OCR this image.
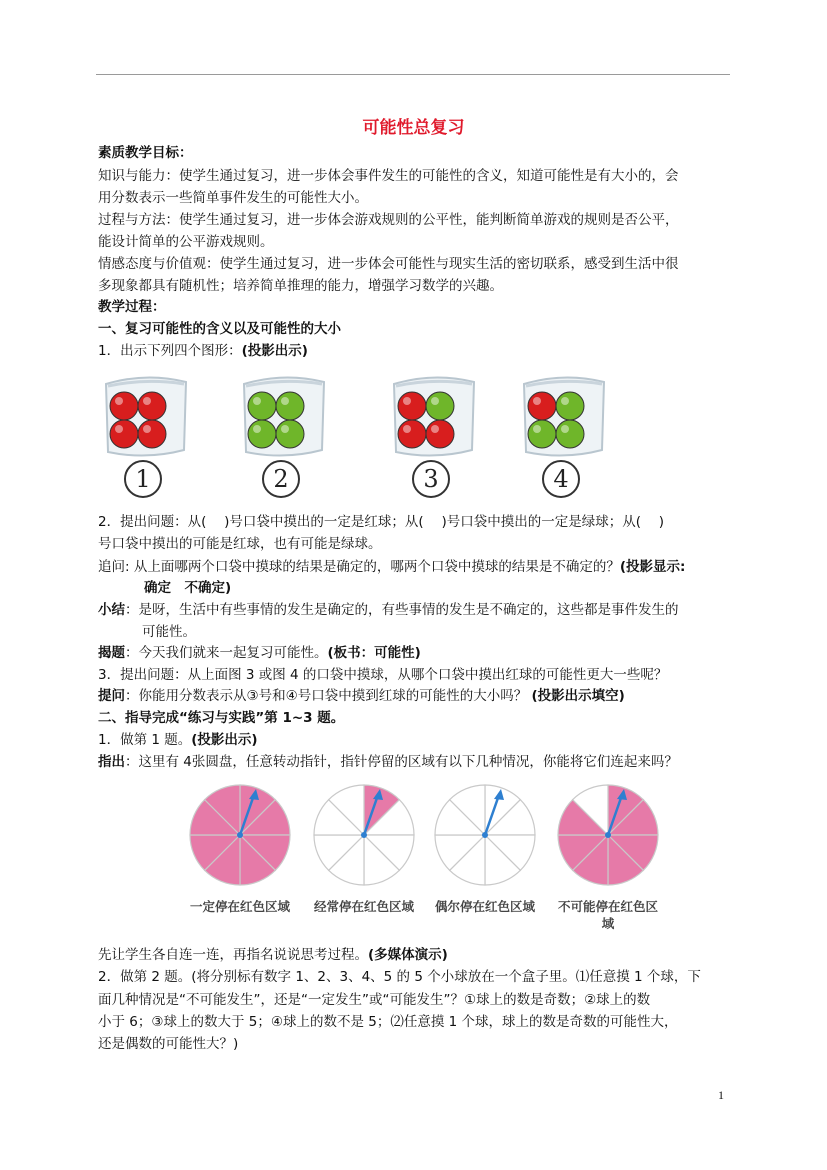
可能性总复习
素质教学目标：
知识与能力：使学生通过复习，进一步体会事件发生的可能性的含义，知道可能性是有大小的，会
用分数表示一些简单事件发生的可能性大小。
过程与方法：使学生通过复习，进一步体会游戏规则的公平性，能判断简单游戏的规则是否公平，
能设计简单的公平游戏规则。
情感态度与价值观：使学生通过复习，进一步体会可能性与现实生活的密切联系，感受到生活中很
多现象都具有随机性；培养简单推理的能力，增强学习数学的兴趣。
教学过程：
一、复习可能性的含义以及可能性的大小
1．出示下列四个图形：(投影出示)
1	2	3	4
2．提出问题：从(　 )号口袋中摸出的一定是红球；从(　 )号口袋中摸出的一定是绿球；从(　 )
号口袋中摸出的可能是红球，也有可能是绿球。
追问: 从上面哪两个口袋中摸球的结果是确定的，哪两个口袋中摸球的结果是不确定的？(投影显示:
确定　不确定)
小结：是呀，生活中有些事情的发生是确定的，有些事情的发生是不确定的，这些都是事件发生的
可能性。
揭题：今天我们就来一起复习可能性。(板书：可能性)
3．提出问题：从上面图 3 或图 4 的口袋中摸球，从哪个口袋中摸出红球的可能性更大一些呢？
提问：你能用分数表示从③号和④号口袋中摸到红球的可能性的大小吗？ (投影出示填空)
二、指导完成“练习与实践”第 1~3 题。
1．做第 1 题。(投影出示)
指出：这里有 4张圆盘，任意转动指针，指针停留的区域有以下几种情况，你能将它们连起来吗？
一定停在红色区域	经常停在红色区域	偶尔停在红色区域	不可能停在红色区域
先让学生各自连一连，再指名说说思考过程。(多媒体演示)
2．做第 2 题。(将分别标有数字 1、2、3、4、5 的 5 个小球放在一个盒子里。⑴任意摸 1 个球，下
面几种情况是“不可能发生”，还是“一定发生”或“可能发生”？①球上的数是奇数；②球上的数
小于 6；③球上的数大于 5；④球上的数不是 5；⑵任意摸 1 个球，球上的数是奇数的可能性大，
还是偶数的可能性大？)
1
